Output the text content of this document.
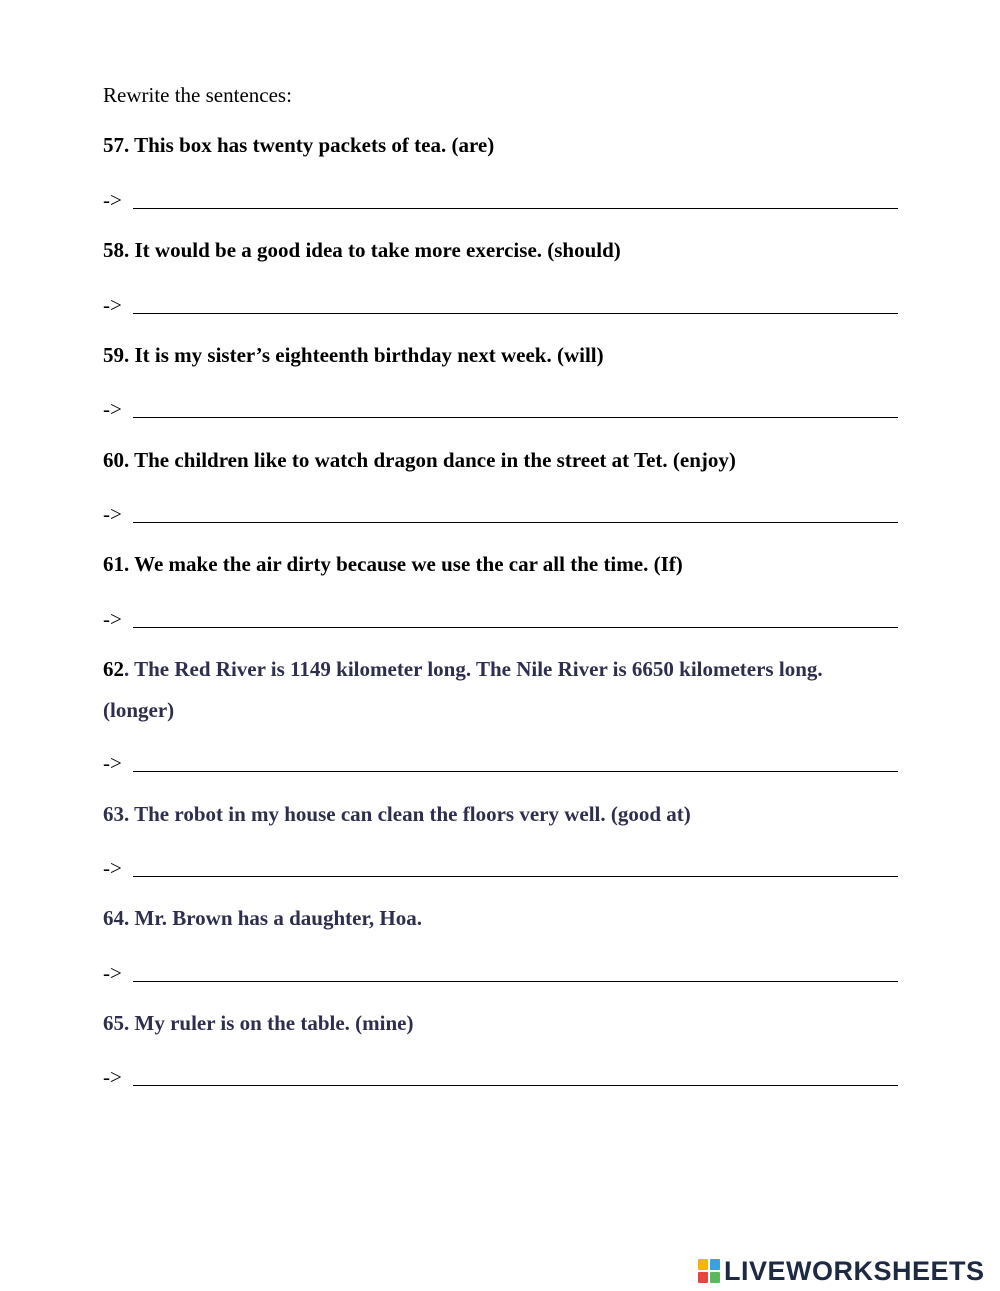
Rewrite the sentences:
57. This box has twenty packets of tea. (are)
->
58. It would be a good idea to take more exercise. (should)
->
59. It is my sister’s eighteenth birthday next week. (will)
->
60. The children like to watch dragon dance in the street at Tet. (enjoy)
->
61. We make the air dirty because we use the car all the time. (If)
->
62. The Red River is 1149 kilometer long. The Nile River is 6650 kilometers long. (longer)
->
63. The robot in my house can clean the floors very well. (good at)
->
64. Mr. Brown has a daughter, Hoa.
->
65. My ruler is on the table. (mine)
->
LIVEWORKSHEETS
